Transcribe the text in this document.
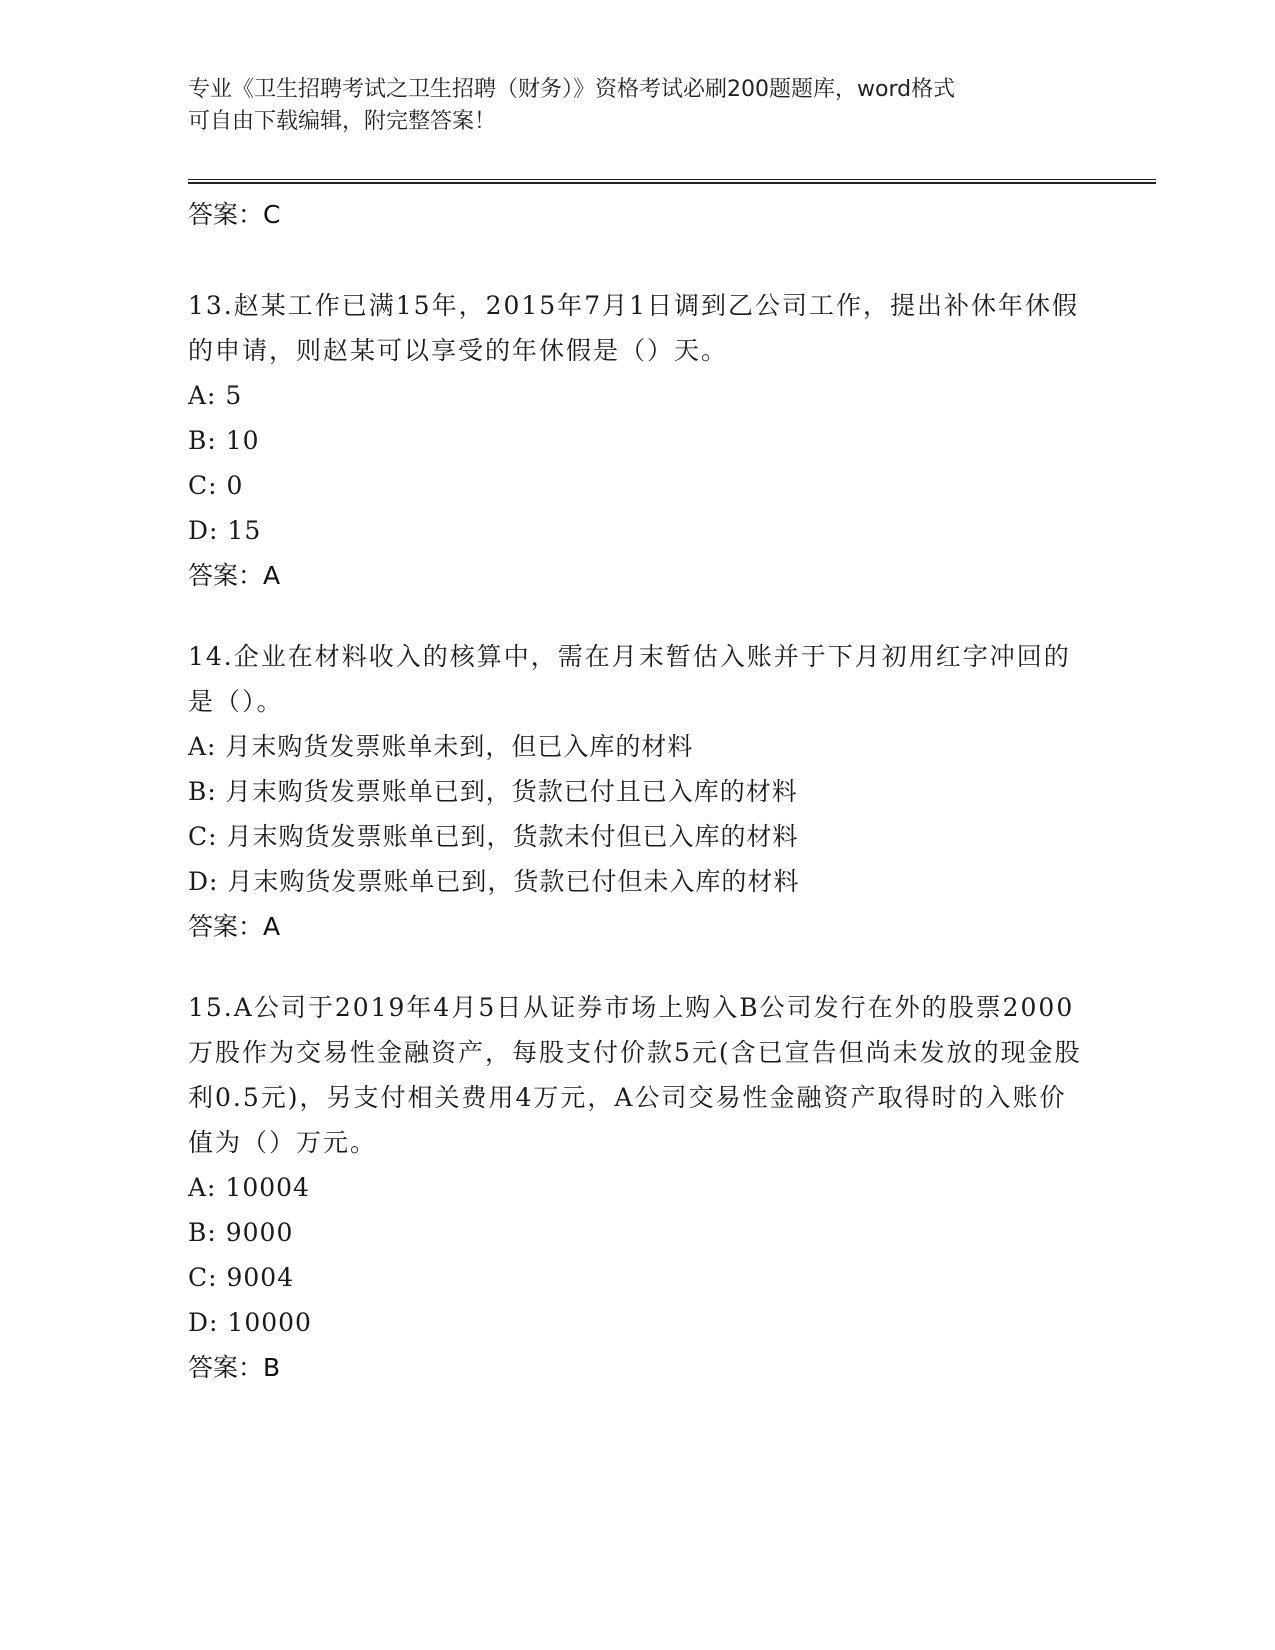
专业《卫生招聘考试之卫生招聘（财务）》资格考试必刷200题题库，word格式
可自由下载编辑，附完整答案！
答案：C
13.赵某工作已满15年，2015年7月1日调到乙公司工作，提出补休年休假的申请，则赵某可以享受的年休假是（）天。
A: 5
B: 10
C: 0
D: 15
答案：A
14.企业在材料收入的核算中，需在月末暂估入账并于下月初用红字冲回的是（）。
A: 月末购货发票账单未到，但已入库的材料
B: 月末购货发票账单已到，货款已付且已入库的材料
C: 月末购货发票账单已到，货款未付但已入库的材料
D: 月末购货发票账单已到，货款已付但未入库的材料
答案：A
15.A公司于2019年4月5日从证券市场上购入B公司发行在外的股票2000万股作为交易性金融资产，每股支付价款5元(含已宣告但尚未发放的现金股利0.5元)，另支付相关费用4万元，A公司交易性金融资产取得时的入账价值为（）万元。
A: 10004
B: 9000
C: 9004
D: 10000
答案：B
